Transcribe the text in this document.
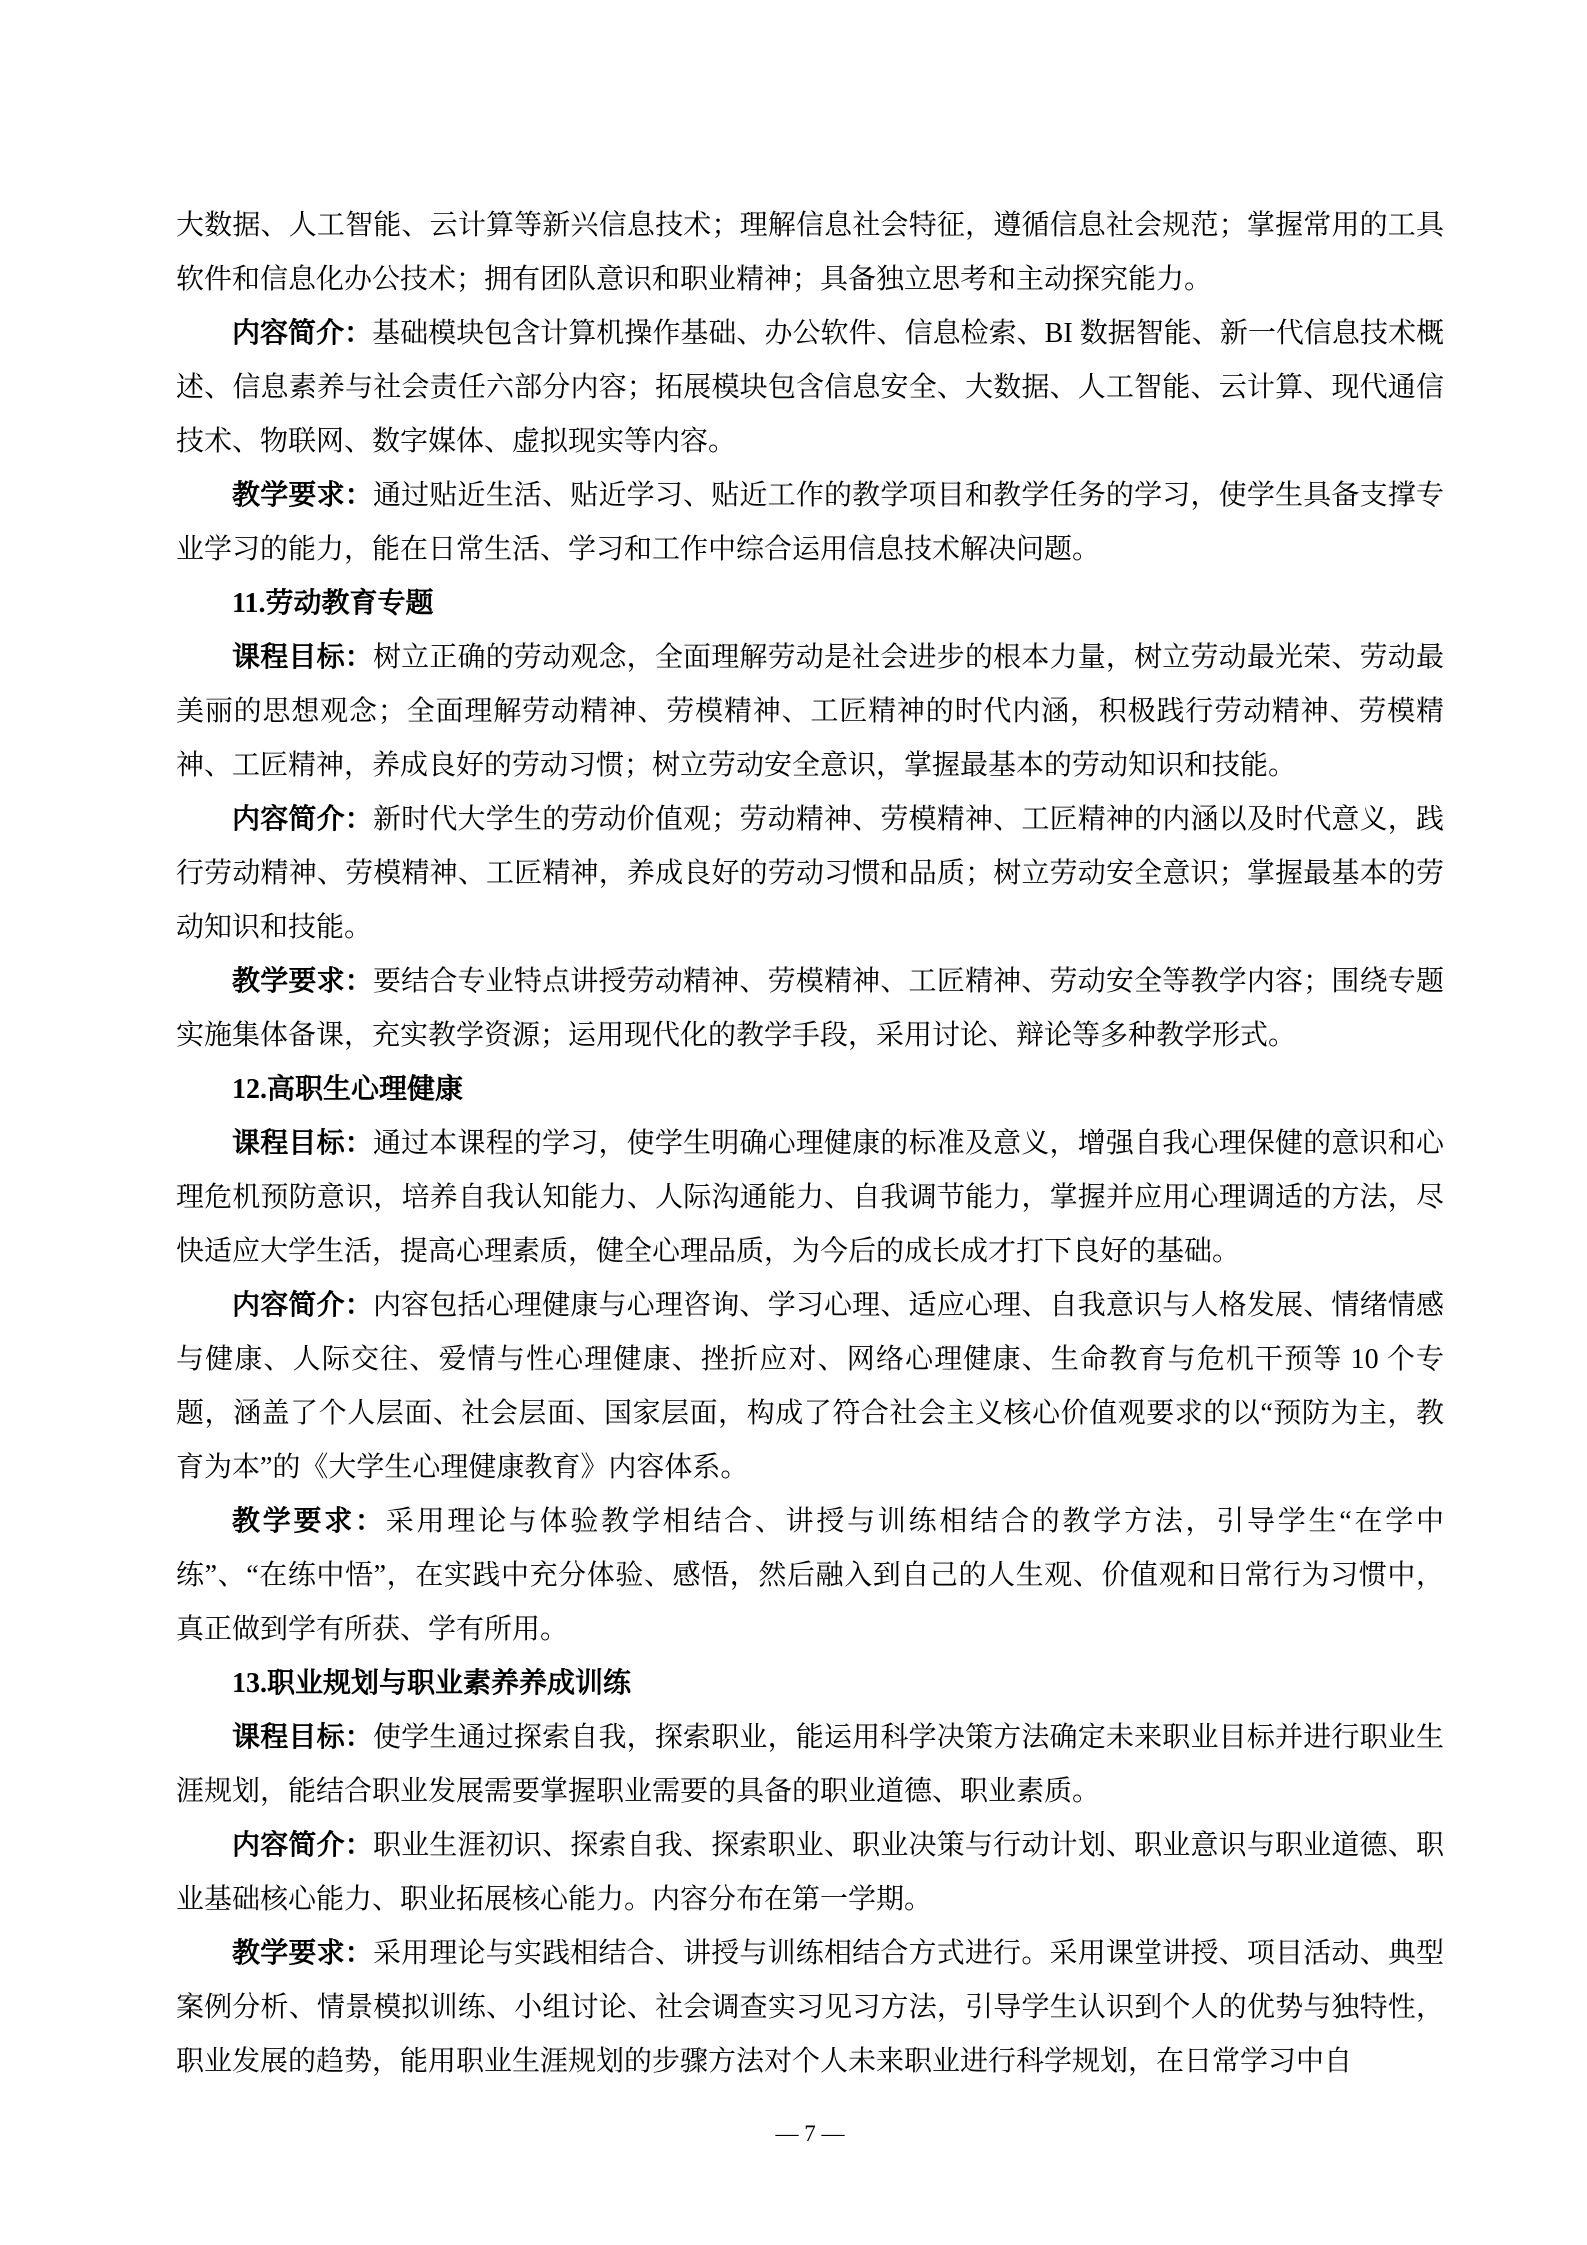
大数据、人工智能、云计算等新兴信息技术；理解信息社会特征，遵循信息社会规范；掌握常用的工具软件和信息化办公技术；拥有团队意识和职业精神；具备独立思考和主动探究能力。

内容简介：基础模块包含计算机操作基础、办公软件、信息检索、BI 数据智能、新一代信息技术概述、信息素养与社会责任六部分内容；拓展模块包含信息安全、大数据、人工智能、云计算、现代通信技术、物联网、数字媒体、虚拟现实等内容。

教学要求：通过贴近生活、贴近学习、贴近工作的教学项目和教学任务的学习，使学生具备支撑专业学习的能力，能在日常生活、学习和工作中综合运用信息技术解决问题。

11.劳动教育专题

课程目标：树立正确的劳动观念，全面理解劳动是社会进步的根本力量，树立劳动最光荣、劳动最美丽的思想观念；全面理解劳动精神、劳模精神、工匠精神的时代内涵，积极践行劳动精神、劳模精神、工匠精神，养成良好的劳动习惯；树立劳动安全意识，掌握最基本的劳动知识和技能。

内容简介：新时代大学生的劳动价值观；劳动精神、劳模精神、工匠精神的内涵以及时代意义，践行劳动精神、劳模精神、工匠精神，养成良好的劳动习惯和品质；树立劳动安全意识；掌握最基本的劳动知识和技能。

教学要求：要结合专业特点讲授劳动精神、劳模精神、工匠精神、劳动安全等教学内容；围绕专题实施集体备课，充实教学资源；运用现代化的教学手段，采用讨论、辩论等多种教学形式。

12.高职生心理健康

课程目标：通过本课程的学习，使学生明确心理健康的标准及意义，增强自我心理保健的意识和心理危机预防意识，培养自我认知能力、人际沟通能力、自我调节能力，掌握并应用心理调适的方法，尽快适应大学生活，提高心理素质，健全心理品质，为今后的成长成才打下良好的基础。

内容简介：内容包括心理健康与心理咨询、学习心理、适应心理、自我意识与人格发展、情绪情感与健康、人际交往、爱情与性心理健康、挫折应对、网络心理健康、生命教育与危机干预等 10 个专题，涵盖了个人层面、社会层面、国家层面，构成了符合社会主义核心价值观要求的以“预防为主，教育为本”的《大学生心理健康教育》内容体系。

教学要求：采用理论与体验教学相结合、讲授与训练相结合的教学方法，引导学生“在学中练”、“在练中悟”，在实践中充分体验、感悟，然后融入到自己的人生观、价值观和日常行为习惯中，真正做到学有所获、学有所用。

13.职业规划与职业素养养成训练

课程目标：使学生通过探索自我，探索职业，能运用科学决策方法确定未来职业目标并进行职业生涯规划，能结合职业发展需要掌握职业需要的具备的职业道德、职业素质。

内容简介：职业生涯初识、探索自我、探索职业、职业决策与行动计划、职业意识与职业道德、职业基础核心能力、职业拓展核心能力。内容分布在第一学期。

教学要求：采用理论与实践相结合、讲授与训练相结合方式进行。采用课堂讲授、项目活动、典型案例分析、情景模拟训练、小组讨论、社会调查实习见习方法，引导学生认识到个人的优势与独特性，职业发展的趋势，能用职业生涯规划的步骤方法对个人未来职业进行科学规划，在日常学习中自

— 7 —
